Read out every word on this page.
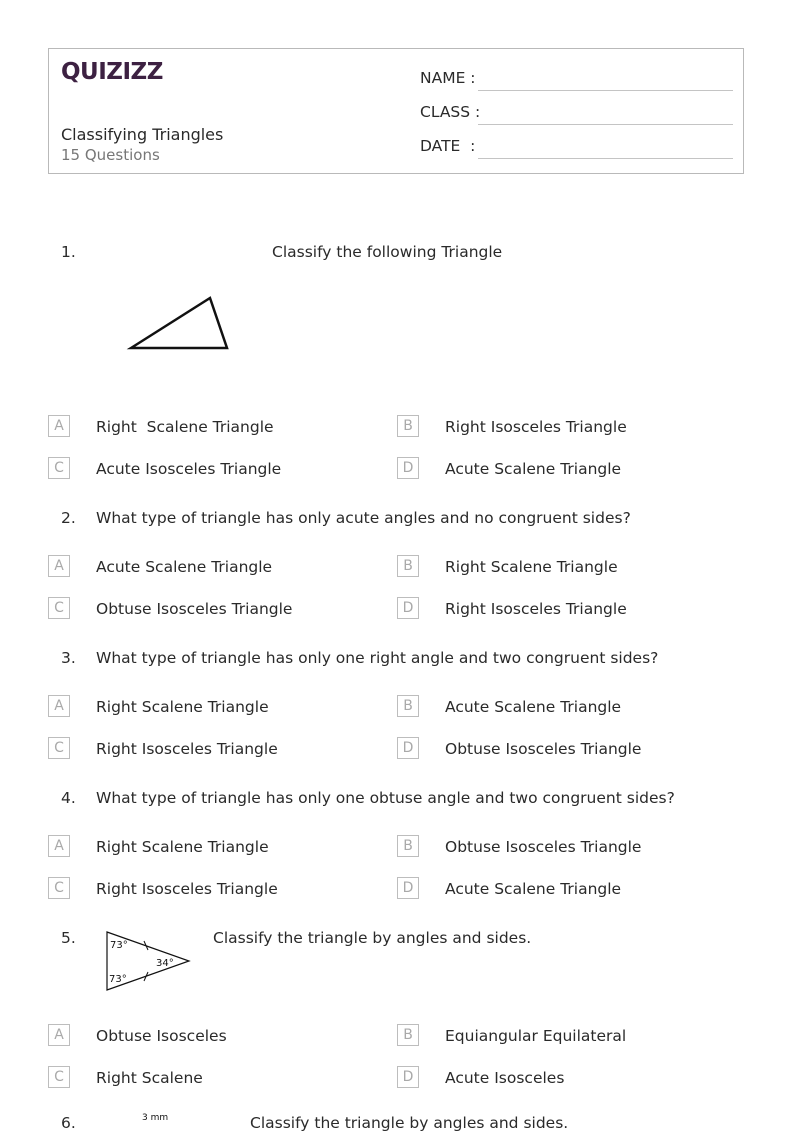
QUIZIZZ
Classifying Triangles
15 Questions
NAME :
CLASS :
DATE  :
1.	Classify the following Triangle
A	Right  Scalene Triangle	B	Right Isosceles Triangle
C	Acute Isosceles Triangle	D	Acute Scalene Triangle
2. What type of triangle has only acute angles and no congruent sides?
A	Acute Scalene Triangle	B	Right Scalene Triangle
C	Obtuse Isosceles Triangle	D	Right Isosceles Triangle
3. What type of triangle has only one right angle and two congruent sides?
A	Right Scalene Triangle	B	Acute Scalene Triangle
C	Right Isosceles Triangle	D	Obtuse Isosceles Triangle
4. What type of triangle has only one obtuse angle and two congruent sides?
A	Right Scalene Triangle	B	Obtuse Isosceles Triangle
C	Right Isosceles Triangle	D	Acute Scalene Triangle
5.	73°
73°
34°
Classify the triangle by angles and sides.
A	Obtuse Isosceles	B	Equiangular Equilateral
C	Right Scalene	D	Acute Isosceles
6.	3 mm	Classify the triangle by angles and sides.
